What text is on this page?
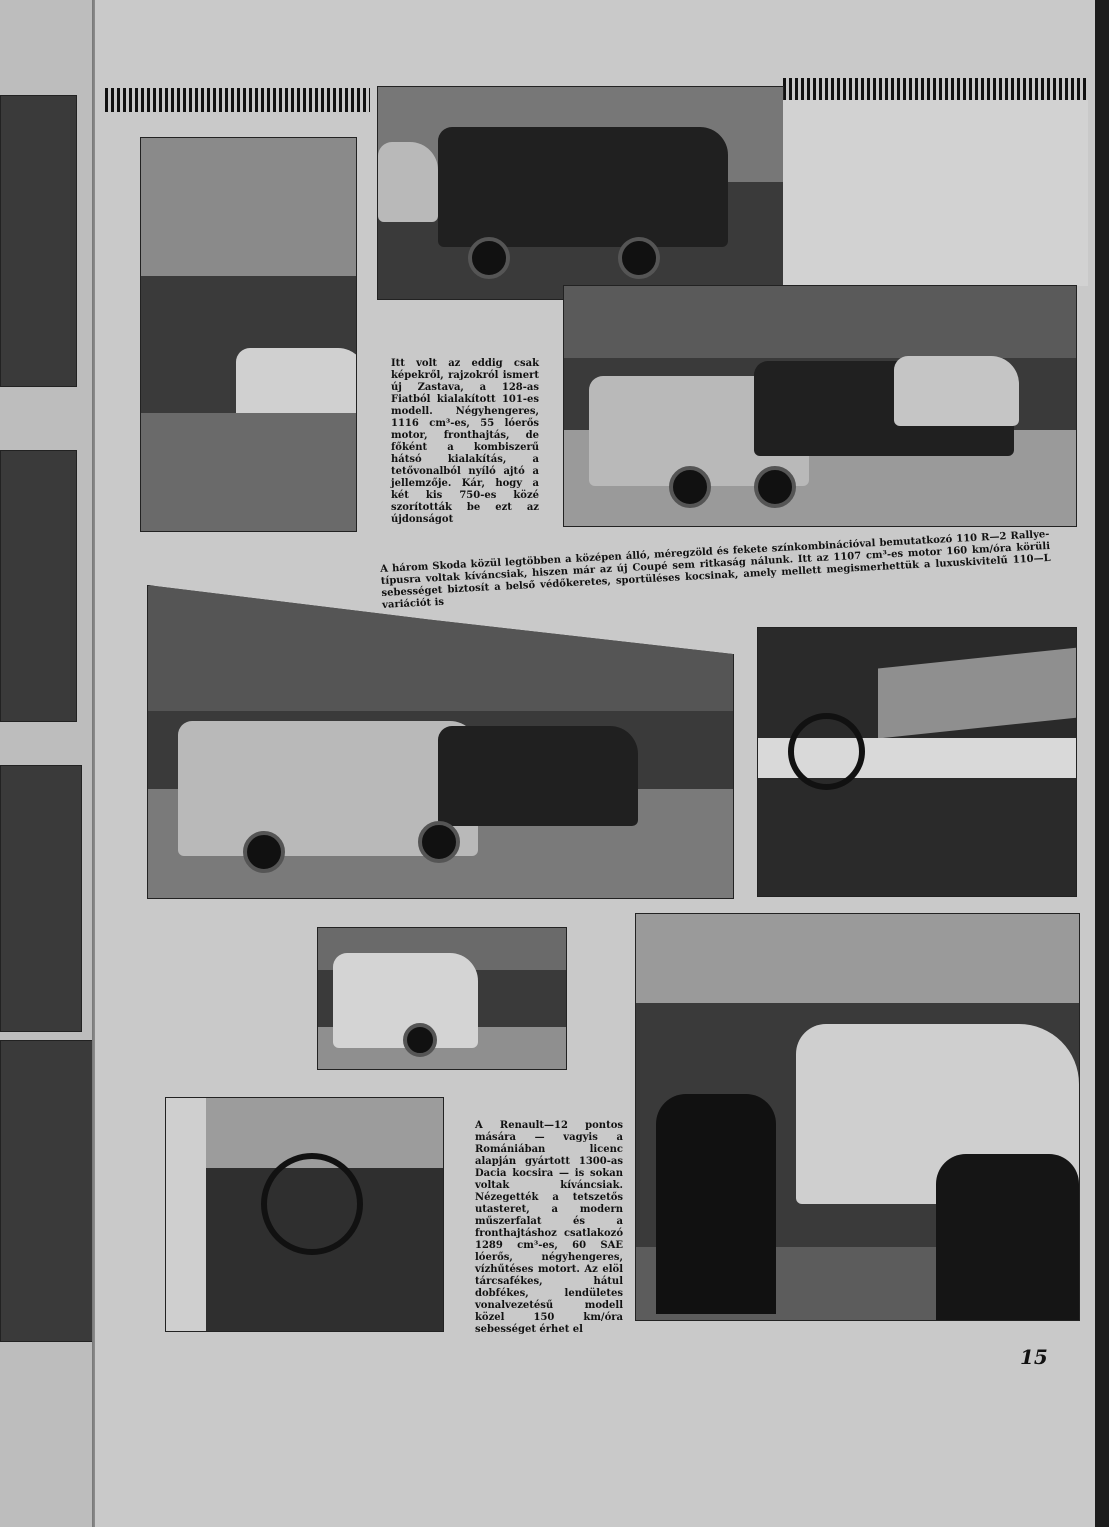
Itt volt az eddig csak képekről, rajzokról ismert új Zastava, a 128-as Fiatból kialakított 101-es modell. Négyhengeres, 1116 cm³-es, 55 lóerős motor, fronthajtás, de főként a kombiszerű hátsó kialakítás, a tetővonalból nyíló ajtó a jellemzője. Kár, hogy a két kis 750-es közé szorították be ezt az újdonságot
A három Skoda közül legtöbben a középen álló, méregzöld és fekete színkombinációval bemutatkozó 110 R—2 Rallye-típusra voltak kíváncsiak, hiszen már az új Coupé sem ritkaság nálunk. Itt az 1107 cm³-es motor 160 km/óra körüli sebességet biztosít a belső védőkeretes, sportüléses kocsinak, amely mellett megismerhettük a luxuskivitelű 110—L variációt is
A Renault—12 pontos mására — vagyis a Romániában licenc alapján gyártott 1300-as Dacia kocsira — is sokan voltak kíváncsiak. Nézegették a tetszetős utasteret, a modern műszerfalat és a fronthajtáshoz csatlakozó 1289 cm³-es, 60 SAE lóerős, négyhengeres, vízhűtéses motort. Az elöl tárcsafékes, hátul dobfékes, lendületes vonalvezetésű modell közel 150 km/óra sebességet érhet el
15
